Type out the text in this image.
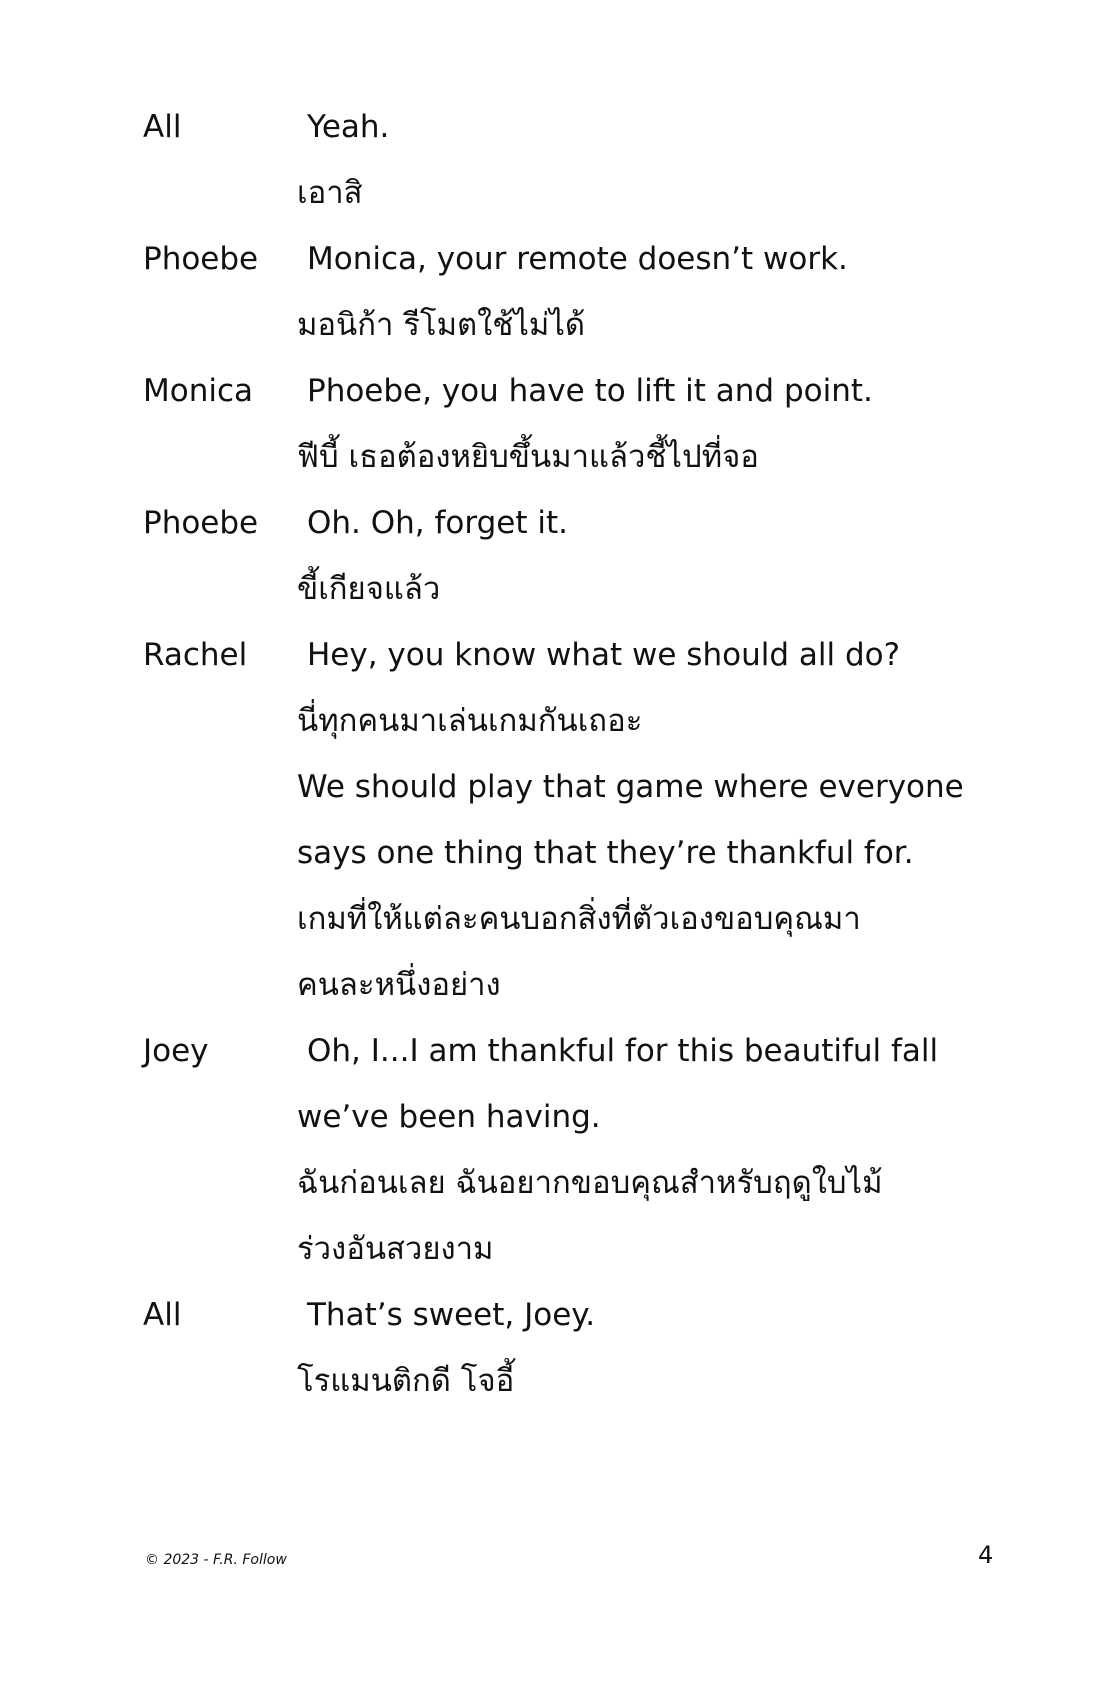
All	Yeah.
เอาสิ
Phoebe Monica, your remote doesn’t work.
มอนิก้า รีโมตใช้ไม่ได้
Monica Phoebe, you have to lift it and point.
ฟีบี้ เธอต้องหยิบขึ้นมาแล้วชี้ไปที่จอ
Phoebe Oh. Oh, forget it.
ขี้เกียจแล้ว
Rachel Hey, you know what we should all do?
นี่ทุกคนมาเล่นเกมกันเถอะ
We should play that game where everyone
says one thing that they’re thankful for.
เกมที่ให้แต่ละคนบอกสิ่งที่ตัวเองขอบคุณมา
คนละหนึ่งอย่าง
Joey	Oh, I...I am thankful for this beautiful fall
we’ve been having.
ฉันก่อนเลย ฉันอยากขอบคุณสำหรับฤดูใบไม้
ร่วงอันสวยงาม
All	That’s sweet, Joey.
โรแมนติกดี โจอี้
© 2023 - F.R. Follow	4
